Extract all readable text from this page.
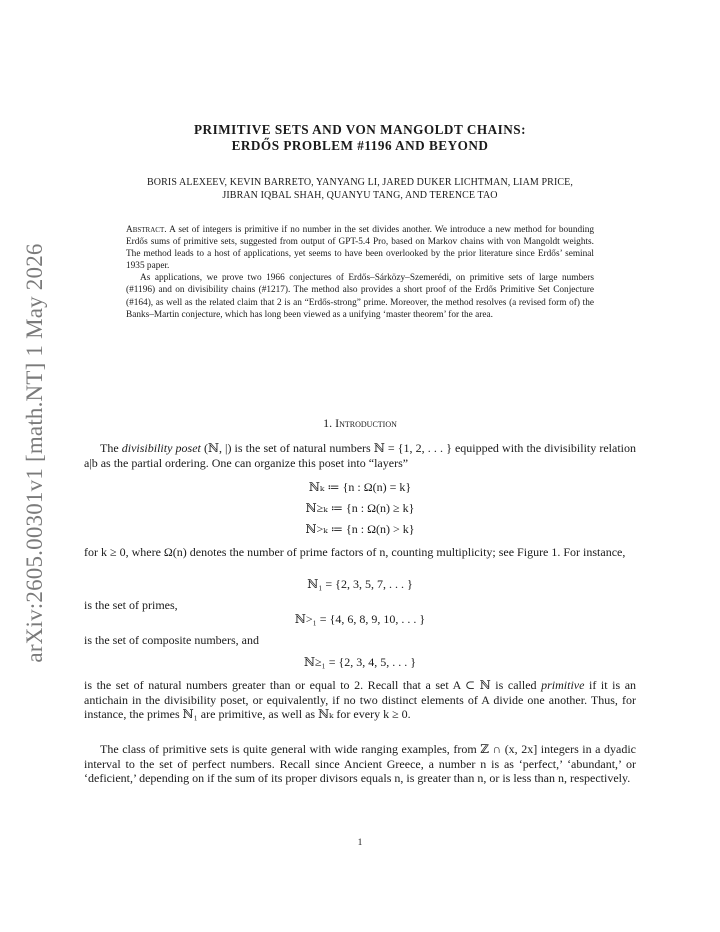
arXiv:2605.00301v1 [math.NT] 1 May 2026
PRIMITIVE SETS AND VON MANGOLDT CHAINS:
ERDŐS PROBLEM #1196 AND BEYOND
BORIS ALEXEEV, KEVIN BARRETO, YANYANG LI, JARED DUKER LICHTMAN, LIAM PRICE,
JIBRAN IQBAL SHAH, QUANYU TANG, AND TERENCE TAO

Abstract. A set of integers is primitive if no number in the set divides another. We introduce a new method for bounding Erdős sums of primitive sets, suggested from output of GPT-5.4 Pro, based on Markov chains with von Mangoldt weights. The method leads to a host of applications, yet seems to have been overlooked by the prior literature since Erdős’ seminal 1935 paper.

As applications, we prove two 1966 conjectures of Erdős–Sárközy–Szemerédi, on primitive sets of large numbers (#1196) and on divisibility chains (#1217). The method also provides a short proof of the Erdős Primitive Set Conjecture (#164), as well as the related claim that 2 is an “Erdős-strong” prime. Moreover, the method resolves (a revised form of) the Banks–Martin conjecture, which has long been viewed as a unifying ‘master theorem’ for the area.

1. Introduction
The divisibility poset (ℕ, |) is the set of natural numbers ℕ = {1, 2, . . . } equipped with the divisibility relation a|b as the partial ordering. One can organize this poset into “layers”
ℕₖ ≔ {n : Ω(n) = k}
ℕ≥ₖ ≔ {n : Ω(n) ≥ k}
ℕ>ₖ ≔ {n : Ω(n) > k}
for k ≥ 0, where Ω(n) denotes the number of prime factors of n, counting multiplicity; see Figure 1. For instance,
ℕ₁ = {2, 3, 5, 7, . . . }
is the set of primes,
ℕ>₁ = {4, 6, 8, 9, 10, . . . }
is the set of composite numbers, and
ℕ≥₁ = {2, 3, 4, 5, . . . }
is the set of natural numbers greater than or equal to 2. Recall that a set A ⊂ ℕ is called primitive if it is an antichain in the divisibility poset, or equivalently, if no two distinct elements of A divide one another. Thus, for instance, the primes ℕ₁ are primitive, as well as ℕₖ for every k ≥ 0.
The class of primitive sets is quite general with wide ranging examples, from ℤ ∩ (x, 2x] integers in a dyadic interval to the set of perfect numbers. Recall since Ancient Greece, a number n is as ‘perfect,’ ‘abundant,’ or ‘deficient,’ depending on if the sum of its proper divisors equals n, is greater than n, or is less than n, respectively.
1
